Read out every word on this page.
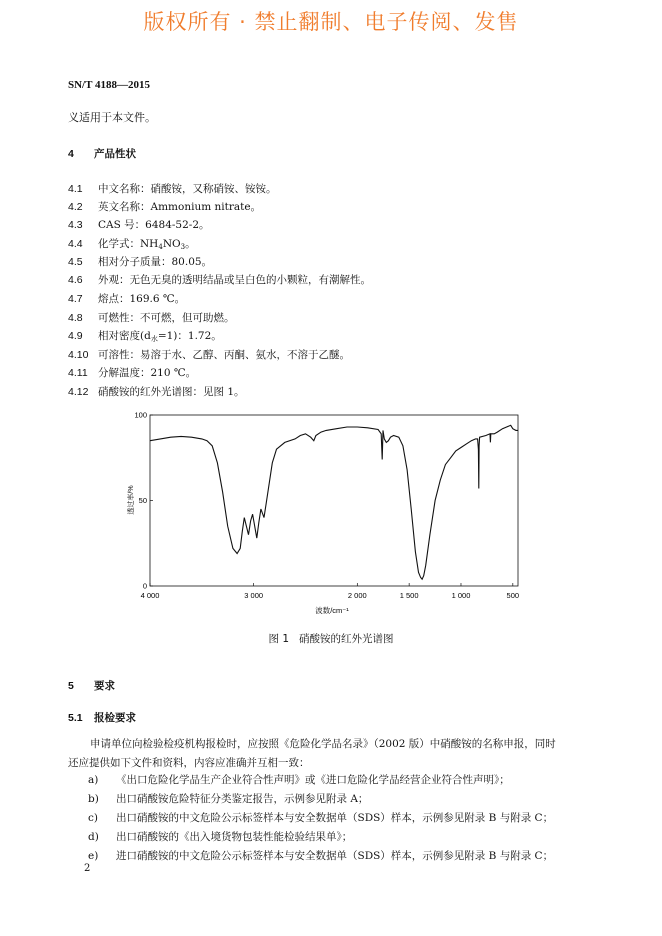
版权所有 · 禁止翻制、电子传阅、发售
SN/T 4188—2015
义适用于本文件。
4 产品性状
4.1 中文名称：硝酸铵，又称硝铵、铵铵。
4.2 英文名称：Ammonium nitrate。
4.3 CAS 号：6484-52-2。
4.4 化学式：$NH_4NO_3$。
4.5 相对分子质量：80.05。
4.6 外观：无色无臭的透明结晶或呈白色的小颗粒，有潮解性。
4.7 熔点：169.6 ℃。
4.8 可燃性：不可燃，但可助燃。
4.9 相对密度$(d_水=1)$：1.72。
4.10 可溶性：易溶于水、乙醇、丙酮、氨水，不溶于乙醚。
4.11 分解温度：210 ℃。
4.12 硝酸铵的红外光谱图：见图 1。
4 000	3 000	2 000	1 500	1 000	500
0
50
100
透过率/%
波数/cm⁻¹
图 1 硝酸铵的红外光谱图
5 要求
5.1 报检要求
申请单位向检验检疫机构报检时，应按照《危险化学品名录》（2002 版）中硝酸铵的名称申报，同时
还应提供如下文件和资料，内容应准确并互相一致：
a) 《出口危险化学品生产企业符合性声明》或《进口危险化学品经营企业符合性声明》；
b) 出口硝酸铵危险特征分类鉴定报告，示例参见附录 A；
c) 出口硝酸铵的中文危险公示标签样本与安全数据单（SDS）样本，示例参见附录 B 与附录 C；
d) 出口硝酸铵的《出入境货物包装性能检验结果单》；
e) 进口硝酸铵的中文危险公示标签样本与安全数据单（SDS）样本，示例参见附录 B 与附录 C；
2
